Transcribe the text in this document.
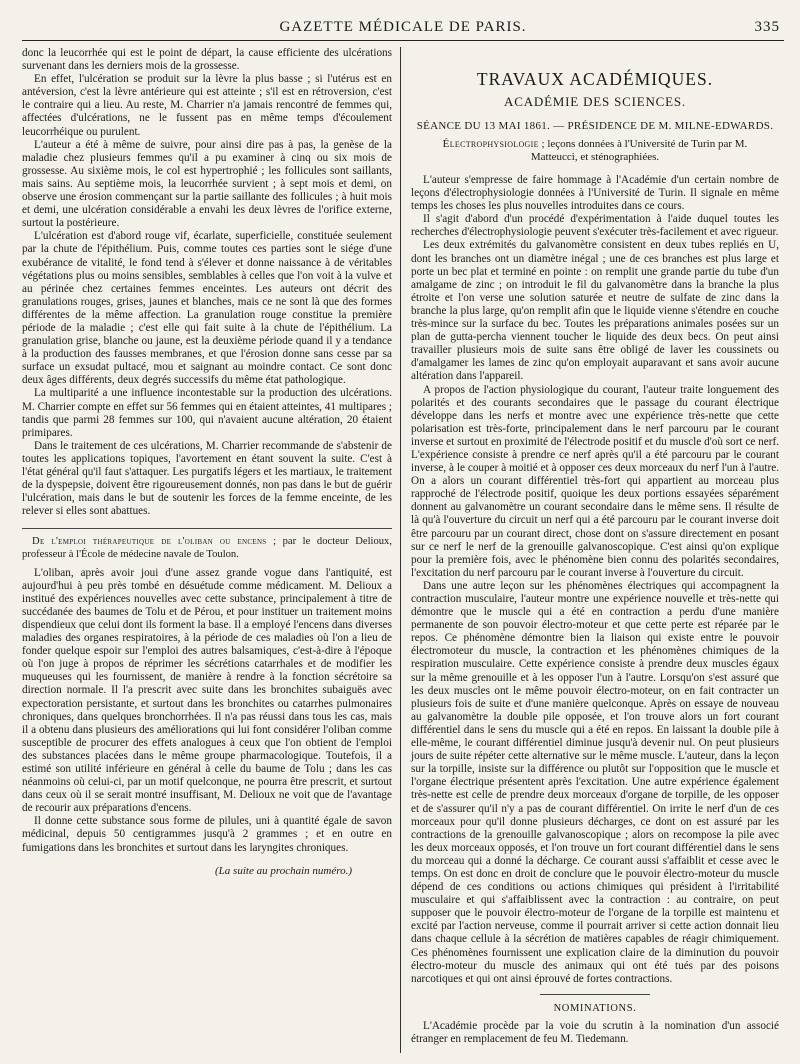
GAZETTE MÉDICALE DE PARIS.	335

donc la leucorrhée qui est le point de départ, la cause efficiente des ulcérations survenant dans les derniers mois de la grossesse.

En effet, l'ulcération se produit sur la lèvre la plus basse ; si l'utérus est en antéversion, c'est la lèvre antérieure qui est atteinte ; s'il est en rétroversion, c'est le contraire qui a lieu. Au reste, M. Charrier n'a jamais rencontré de femmes qui, affectées d'ulcérations, ne le fussent pas en même temps d'écoulement leucorrhéique ou purulent.

L'auteur a été à même de suivre, pour ainsi dire pas à pas, la genèse de la maladie chez plusieurs femmes qu'il a pu examiner à cinq ou six mois de grossesse. Au sixième mois, le col est hypertrophié ; les follicules sont saillants, mais sains. Au septième mois, la leucorrhée survient ; à sept mois et demi, on observe une érosion commençant sur la partie saillante des follicules ; à huit mois et demi, une ulcération considérable a envahi les deux lèvres de l'orifice externe, surtout la postérieure.

L'ulcération est d'abord rouge vif, écarlate, superficielle, constituée seulement par la chute de l'épithélium. Puis, comme toutes ces parties sont le siége d'une exubérance de vitalité, le fond tend à s'élever et donne naissance à de véritables végétations plus ou moins sensibles, semblables à celles que l'on voit à la vulve et au périnée chez certaines femmes enceintes. Les auteurs ont décrit des granulations rouges, grises, jaunes et blanches, mais ce ne sont là que des formes différentes de la même affection. La granulation rouge constitue la première période de la maladie ; c'est elle qui fait suite à la chute de l'épithélium. La granulation grise, blanche ou jaune, est la deuxième période quand il y a tendance à la production des fausses membranes, et que l'érosion donne sans cesse par sa surface un exsudat pultacé, mou et saignant au moindre contact. Ce sont donc deux âges différents, deux degrés successifs du même état pathologique.

La multiparité a une influence incontestable sur la production des ulcérations. M. Charrier compte en effet sur 56 femmes qui en étaient atteintes, 41 multipares ; tandis que parmi 28 femmes sur 100, qui n'avaient aucune altération, 20 étaient primipares.

Dans le traitement de ces ulcérations, M. Charrier recommande de s'abstenir de toutes les applications topiques, l'avortement en étant souvent la suite. C'est à l'état général qu'il faut s'attaquer. Les purgatifs légers et les martiaux, le traitement de la dyspepsie, doivent être rigoureusement donnés, non pas dans le but de guérir l'ulcération, mais dans le but de soutenir les forces de la femme enceinte, de les relever si elles sont abattues.

De l'emploi thérapeutique de l'oliban ou encens ; par le docteur Delioux, professeur à l'École de médecine navale de Toulon.

L'oliban, après avoir joui d'une assez grande vogue dans l'antiquité, est aujourd'hui à peu près tombé en désuétude comme médicament. M. Delioux a institué des expériences nouvelles avec cette substance, principalement à titre de succédanée des baumes de Tolu et de Pérou, et pour instituer un traitement moins dispendieux que celui dont ils forment la base. Il a employé l'encens dans diverses maladies des organes respiratoires, à la période de ces maladies où l'on a lieu de fonder quelque espoir sur l'emploi des autres balsamiques, c'est-à-dire à l'époque où l'on juge à propos de réprimer les sécrétions catarrhales et de modifier les muqueuses qui les fournissent, de manière à rendre à la fonction sécrétoire sa direction normale. Il l'a prescrit avec suite dans les bronchites subaiguës avec expectoration persistante, et surtout dans les bronchites ou catarrhes pulmonaires chroniques, dans quelques bronchorrhées. Il n'a pas réussi dans tous les cas, mais il a obtenu dans plusieurs des améliorations qui lui font considérer l'oliban comme susceptible de procurer des effets analogues à ceux que l'on obtient de l'emploi des substances placées dans le même groupe pharmacologique. Toutefois, il a estimé son utilité inférieure en général à celle du baume de Tolu ; dans les cas néanmoins où celui-ci, par un motif quelconque, ne pourra être prescrit, et surtout dans ceux où il se serait montré insuffisant, M. Delioux ne voit que de l'avantage de recourir aux préparations d'encens.

Il donne cette substance sous forme de pilules, uni à quantité égale de savon médicinal, depuis 50 centigrammes jusqu'à 2 grammes ; et en outre en fumigations dans les bronchites et surtout dans les laryngites chroniques.

(La suite au prochain numéro.)
TRAVAUX ACADÉMIQUES.
ACADÉMIE DES SCIENCES.
SÉANCE DU 13 MAI 1861. — PRÉSIDENCE DE M. MILNE-EDWARDS.
Électrophysiologie ; leçons données à l'Université de Turin par M. Matteucci, et sténographiées.

L'auteur s'empresse de faire hommage à l'Académie d'un certain nombre de leçons d'électrophysiologie données à l'Université de Turin. Il signale en même temps les choses les plus nouvelles introduites dans ce cours.

Il s'agit d'abord d'un procédé d'expérimentation à l'aide duquel toutes les recherches d'électrophysiologie peuvent s'exécuter très-facilement et avec rigueur.

Les deux extrémités du galvanomètre consistent en deux tubes repliés en U, dont les branches ont un diamètre inégal ; une de ces branches est plus large et porte un bec plat et terminé en pointe : on remplit une grande partie du tube d'un amalgame de zinc ; on introduit le fil du galvanomètre dans la branche la plus étroite et l'on verse une solution saturée et neutre de sulfate de zinc dans la branche la plus large, qu'on remplit afin que le liquide vienne s'étendre en couche très-mince sur la surface du bec. Toutes les préparations animales posées sur un plan de gutta-percha viennent toucher le liquide des deux becs. On peut ainsi travailler plusieurs mois de suite sans être obligé de laver les coussinets ou d'amalgamer les lames de zinc qu'on employait auparavant et sans avoir aucune altération dans l'appareil.

A propos de l'action physiologique du courant, l'auteur traite longuement des polarités et des courants secondaires que le passage du courant électrique développe dans les nerfs et montre avec une expérience très-nette que cette polarisation est très-forte, principalement dans le nerf parcouru par le courant inverse et surtout en proximité de l'électrode positif et du muscle d'où sort ce nerf. L'expérience consiste à prendre ce nerf après qu'il a été parcouru par le courant inverse, à le couper à moitié et à opposer ces deux morceaux du nerf l'un à l'autre. On a alors un courant différentiel très-fort qui appartient au morceau plus rapproché de l'électrode positif, quoique les deux portions essayées séparément donnent au galvanomètre un courant secondaire dans le même sens. Il résulte de là qu'à l'ouverture du circuit un nerf qui a été parcouru par le courant inverse doit être parcouru par un courant direct, chose dont on s'assure directement en posant sur ce nerf le nerf de la grenouille galvanoscopique. C'est ainsi qu'on explique pour la première fois, avec le phénomène bien connu des polarités secondaires, l'excitation du nerf parcouru par le courant inverse à l'ouverture du circuit.

Dans une autre leçon sur les phénomènes électriques qui accompagnent la contraction musculaire, l'auteur montre une expérience nouvelle et très-nette qui démontre que le muscle qui a été en contraction a perdu d'une manière permanente de son pouvoir électro-moteur et que cette perte est réparée par le repos. Ce phénomène démontre bien la liaison qui existe entre le pouvoir électromoteur du muscle, la contraction et les phénomènes chimiques de la respiration musculaire. Cette expérience consiste à prendre deux muscles égaux sur la même grenouille et à les opposer l'un à l'autre. Lorsqu'on s'est assuré que les deux muscles ont le même pouvoir électro-moteur, on en fait contracter un plusieurs fois de suite et d'une manière quelconque. Après on essaye de nouveau au galvanomètre la double pile opposée, et l'on trouve alors un fort courant différentiel dans le sens du muscle qui a été en repos. En laissant la double pile à elle-même, le courant différentiel diminue jusqu'à devenir nul. On peut plusieurs jours de suite répéter cette alternative sur le même muscle. L'auteur, dans la leçon sur la torpille, insiste sur la différence ou plutôt sur l'opposition que le muscle et l'organe électrique présentent après l'excitation. Une autre expérience également très-nette est celle de prendre deux morceaux d'organe de torpille, de les opposer et de s'assurer qu'il n'y a pas de courant différentiel. On irrite le nerf d'un de ces morceaux pour qu'il donne plusieurs décharges, ce dont on est assuré par les contractions de la grenouille galvanoscopique ; alors on recompose la pile avec les deux morceaux opposés, et l'on trouve un fort courant différentiel dans le sens du morceau qui a donné la décharge. Ce courant aussi s'affaiblit et cesse avec le temps. On est donc en droit de conclure que le pouvoir électro-moteur du muscle dépend de ces conditions ou actions chimiques qui président à l'irritabilité musculaire et qui s'affaiblissent avec la contraction : au contraire, on peut supposer que le pouvoir électro-moteur de l'organe de la torpille est maintenu et excité par l'action nerveuse, comme il pourrait arriver si cette action donnait lieu dans chaque cellule à la sécrétion de matières capables de réagir chimiquement. Ces phénomènes fournissent une explication claire de la diminution du pouvoir électro-moteur du muscle des animaux qui ont été tués par des poisons narcotiques et qui ont ainsi éprouvé de fortes contractions.

NOMINATIONS.

L'Académie procède par la voie du scrutin à la nomination d'un associé étranger en remplacement de feu M. Tiedemann.
